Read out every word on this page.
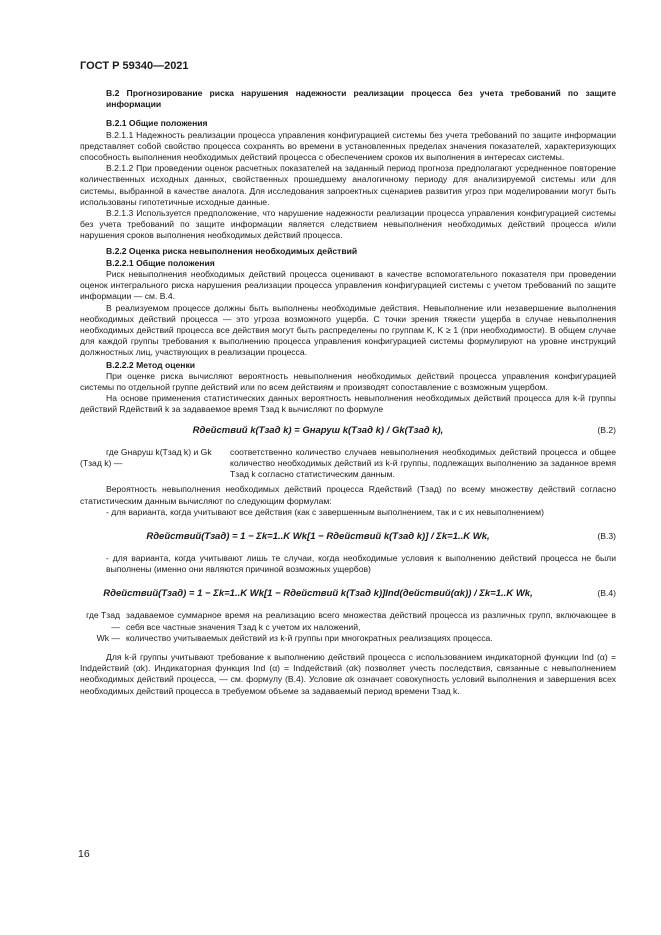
ГОСТ Р 59340—2021

В.2 Прогнозирование риска нарушения надежности реализации процесса без учета требований по защите информации

В.2.1 Общие положения

В.2.1.1 Надежность реализации процесса управления конфигурацией системы без учета требований по защите информации представляет собой свойство процесса сохранять во времени в установленных пределах значения показателей, характеризующих способность выполнения необходимых действий процесса с обеспечением сроков их выполнения в интересах системы.

В.2.1.2 При проведении оценок расчетных показателей на заданный период прогноза предполагают усредненное повторение количественных исходных данных, свойственных прошедшему аналогичному периоду для анализируемой системы или для системы, выбранной в качестве аналога. Для исследования запроектных сценариев развития угроз при моделировании могут быть использованы гипотетичные исходные данные.

В.2.1.3 Используется предположение, что нарушение надежности реализации процесса управления конфигурацией системы без учета требований по защите информации является следствием невыполнения необходимых действий процесса и/или нарушения сроков выполнения необходимых действий процесса.

В.2.2 Оценка риска невыполнения необходимых действий

В.2.2.1 Общие положения

Риск невыполнения необходимых действий процесса оценивают в качестве вспомогательного показателя при проведении оценок интегрального риска нарушения реализации процесса управления конфигурацией системы с учетом требований по защите информации — см. В.4.

В реализуемом процессе должны быть выполнены необходимые действия. Невыполнение или незавершение выполнения необходимых действий процесса — это угроза возможного ущерба. С точки зрения тяжести ущерба в случае невыполнения необходимых действий процесса все действия могут быть распределены по группам K, K ≥ 1 (при необходимости). В общем случае для каждой группы требования к выполнению процесса управления конфигурацией системы формулируют на уровне инструкций должностных лиц, участвующих в реализации процесса.

В.2.2.2 Метод оценки

При оценке риска вычисляют вероятность невыполнения необходимых действий процесса управления конфигурацией системы по отдельной группе действий или по всем действиям и производят сопоставление с возможным ущербом.

На основе применения статистических данных вероятность невыполнения необходимых действий процесса для k-й группы действий Rдействий k за задаваемое время Tзад k вычисляют по формуле

Rдействий k(Tзад k) = Gнаруш k(Tзад k) / Gk(Tзад k),	(В.2)
где Gнаруш k(Tзад k) и Gk (Tзад k) —
соответственно количество случаев невыполнения необходимых действий процесса и общее количество необходимых действий из k-й группы, подлежащих выполнению за заданное время Tзад k согласно статистическим данным.

Вероятность невыполнения необходимых действий процесса Rдействий (Tзад) по всему множеству действий согласно статистическим данным вычисляют по следующим формулам:

- для варианта, когда учитывают все действия (как с завершенным выполнением, так и с их невыполнением)

Rдействий(Tзад) = 1 − Σk=1..K Wk[1 − Rдействий k(Tзад k)] / Σk=1..K Wk,	(В.3)

- для варианта, когда учитывают лишь те случаи, когда необходимые условия к выполнению действий процесса не были выполнены (именно они являются причиной возможных ущербов)

Rдействий(Tзад) = 1 − Σk=1..K Wk[1 − Rдействий k(Tзад k)]Ind(действий(αk)) / Σk=1..K Wk,	(В.4)
где Tзад —
задаваемое суммарное время на реализацию всего множества действий процесса из различных групп, включающее в себя все частные значения Tзад k с учетом их наложений,
Wk — количество учитываемых действий из k-й группы при многократных реализациях процесса.

Для k-й группы учитывают требование к выполнению действий процесса с использованием индикаторной функции Ind (α) = Indдействий (αk). Индикаторная функция Ind (α) = Indдействий (αk) позволяет учесть последствия, связанные с невыполнением необходимых действий процесса, — см. формулу (В.4). Условие αk означает совокупность условий выполнения и завершения всех необходимых действий процесса в требуемом объеме за задаваемый период времени Tзад k.

16
